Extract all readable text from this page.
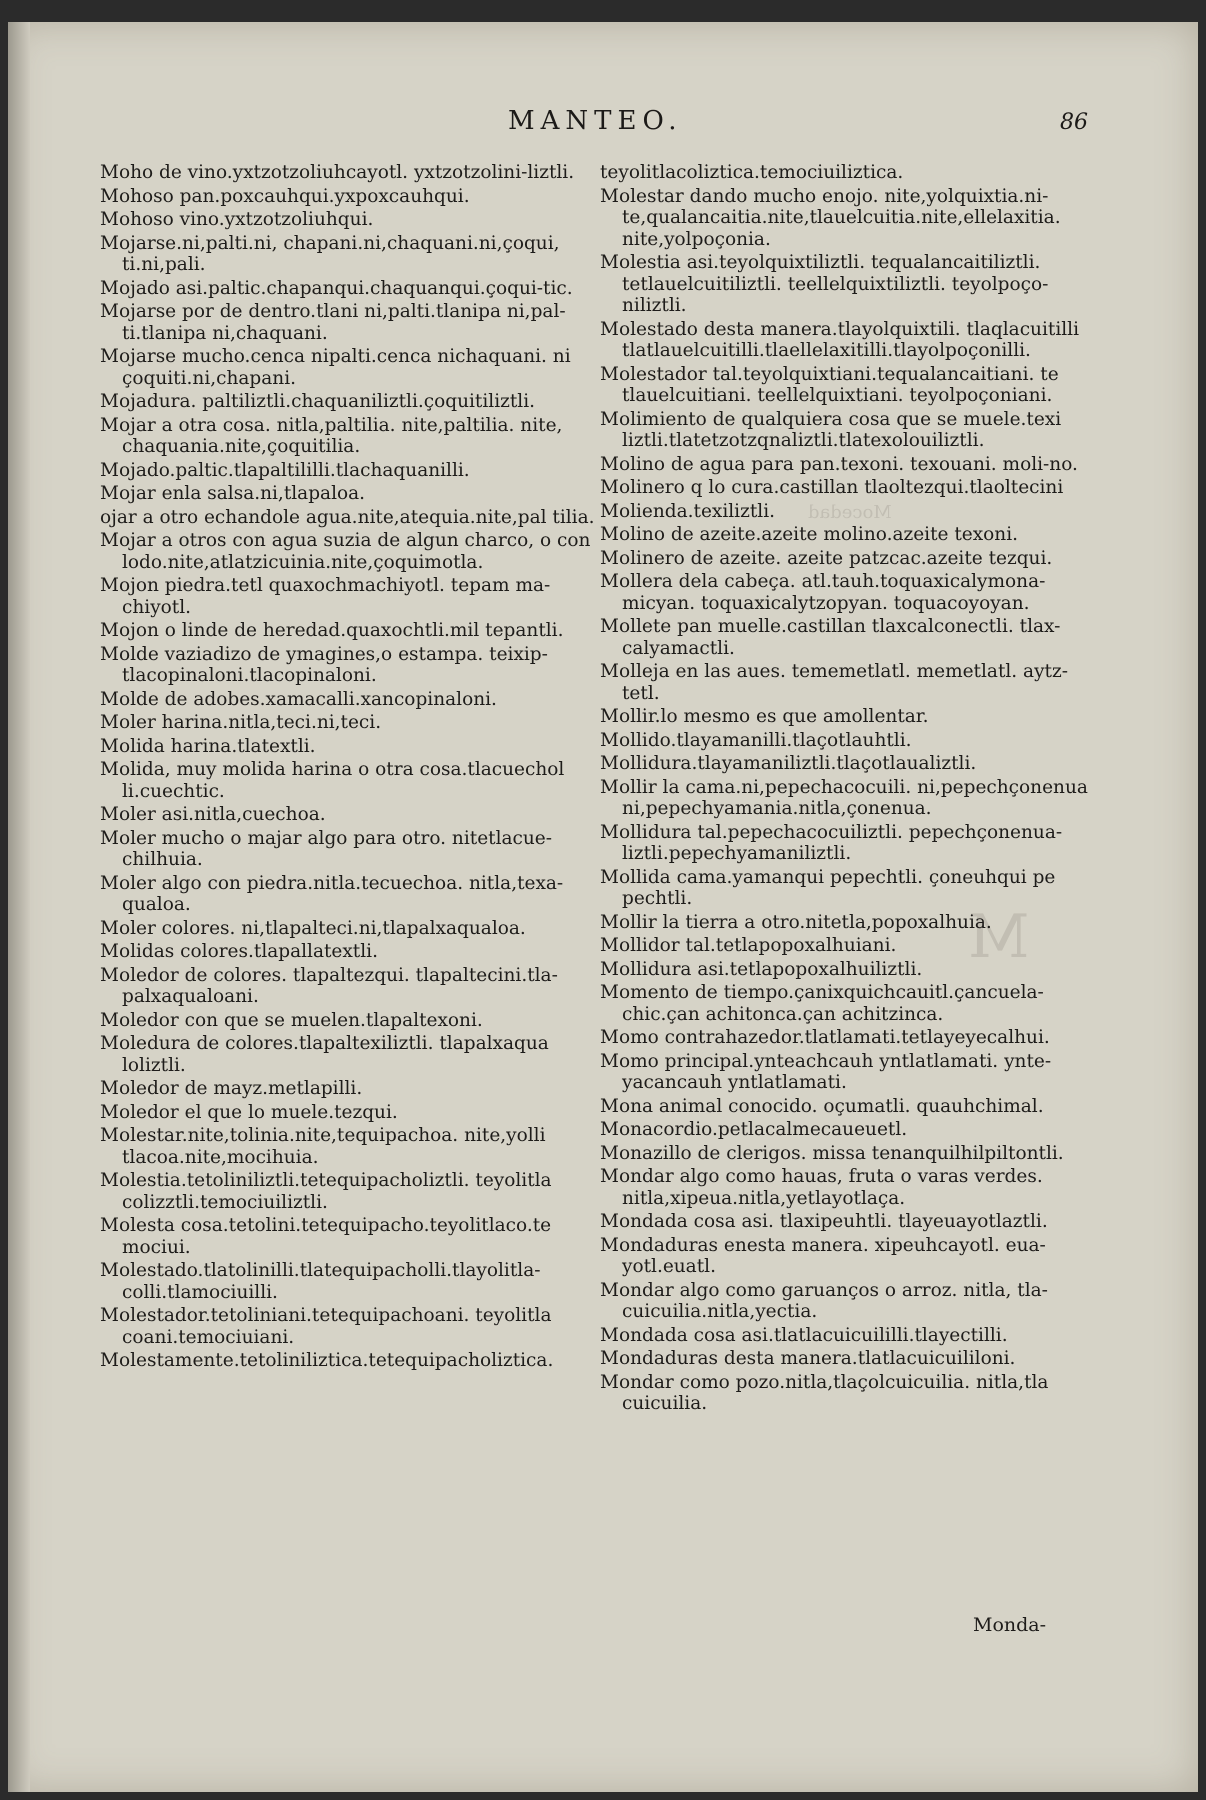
Mocedad
M
MANTEO.	86

Moho de vino.yxtzotzoliuhcayotl. yxtzotzolini-liztli.

Mohoso pan.poxcauhqui.yxpoxcauhqui.

Mohoso vino.yxtzotzoliuhqui.

Mojarse.ni,palti.ni, chapani.ni,chaquani.ni,çoqui, ti.ni,pali.

Mojado asi.paltic.chapanqui.chaquanqui.çoqui-tic.

Mojarse por de dentro.tlani ni,palti.tlanipa ni,pal-ti.tlanipa ni,chaquani.

Mojarse mucho.cenca nipalti.cenca nichaquani. ni çoquiti.ni,chapani.

Mojadura. paltiliztli.chaquaniliztli.çoquitiliztli.

Mojar a otra cosa. nitla,paltilia. nite,paltilia. nite, chaquania.nite,çoquitilia.

Mojado.paltic.tlapaltililli.tlachaquanilli.

Mojar enla salsa.ni,tlapaloa.

ojar a otro echandole agua.nite,atequia.nite,pal tilia.

Mojar a otros con agua suzia de algun charco, o con lodo.nite,atlatzicuinia.nite,çoquimotla.

Mojon piedra.tetl quaxochmachiyotl. tepam ma-chiyotl.

Mojon o linde de heredad.quaxochtli.mil tepantli.

Molde vaziadizo de ymagines,o estampa. teixip-tlacopinaloni.tlacopinaloni.

Molde de adobes.xamacalli.xancopinaloni.

Moler harina.nitla,teci.ni,teci.

Molida harina.tlatextli.

Molida, muy molida harina o otra cosa.tlacuechol li.cuechtic.

Moler asi.nitla,cuechoa.

Moler mucho o majar algo para otro. nitetlacue-chilhuia.

Moler algo con piedra.nitla.tecuechoa. nitla,texa-qualoa.

Moler colores. ni,tlapalteci.ni,tlapalxaqualoa.

Molidas colores.tlapallatextli.

Moledor de colores. tlapaltezqui. tlapaltecini.tla-palxaqualoani.

Moledor con que se muelen.tlapaltexoni.

Moledura de colores.tlapaltexiliztli. tlapalxaqua loliztli.

Moledor de mayz.metlapilli.

Moledor el que lo muele.tezqui.

Molestar.nite,tolinia.nite,tequipachoa. nite,yolli tlacoa.nite,mocihuia.

Molestia.tetoliniliztli.tetequipacholiztli. teyolitla colizztli.temociuiliztli.

Molesta cosa.tetolini.tetequipacho.teyolitlaco.te mociui.

Molestado.tlatolinilli.tlatequipacholli.tlayolitla-colli.tlamociuilli.

Molestador.tetoliniani.tetequipachoani. teyolitla coani.temociuiani.

Molestamente.tetoliniliztica.tetequipacholiztica.

teyolitlacoliztica.temociuiliztica.

Molestar dando mucho enojo. nite,yolquixtia.ni-te,qualancaitia.nite,tlauelcuitia.nite,ellelaxitia. nite,yolpoçonia.

Molestia asi.teyolquixtiliztli. tequalancaitiliztli. tetlauelcuitiliztli. teellelquixtiliztli. teyolpoço-niliztli.

Molestado desta manera.tlayolquixtili. tlaqlacuitilli tlatlauelcuitilli.tlaellelaxitilli.tlayolpoçonilli.

Molestador tal.teyolquixtiani.tequalancaitiani. te tlauelcuitiani. teellelquixtiani. teyolpoçoniani.

Molimiento de qualquiera cosa que se muele.texi liztli.tlatetzotzqnaliztli.tlatexolouiliztli.

Molino de agua para pan.texoni. texouani. moli-no.

Molinero q lo cura.castillan tlaoltezqui.tlaoltecini

Molienda.texiliztli.

Molino de azeite.azeite molino.azeite texoni.

Molinero de azeite. azeite patzcac.azeite tezqui.

Mollera dela cabeça. atl.tauh.toquaxicalymona-micyan. toquaxicalytzopyan. toquacoyoyan.

Mollete pan muelle.castillan tlaxcalconectli. tlax-calyamactli.

Molleja en las aues. tememetlatl. memetlatl. aytz-tetl.

Mollir.lo mesmo es que amollentar.

Mollido.tlayamanilli.tlaçotlauhtli.

Mollidura.tlayamaniliztli.tlaçotlaualiztli.

Mollir la cama.ni,pepechacocuili. ni,pepechçonenua ni,pepechyamania.nitla,çonenua.

Mollidura tal.pepechacocuiliztli. pepechçonenua-liztli.pepechyamaniliztli.

Mollida cama.yamanqui pepechtli. çoneuhqui pe pechtli.

Mollir la tierra a otro.nitetla,popoxalhuia.

Mollidor tal.tetlapopoxalhuiani.

Mollidura asi.tetlapopoxalhuiliztli.

Momento de tiempo.çanixquichcauitl.çancuela-chic.çan achitonca.çan achitzinca.

Momo contrahazedor.tlatlamati.tetlayeyecalhui.

Momo principal.ynteachcauh yntlatlamati. ynte-yacancauh yntlatlamati.

Mona animal conocido. oçumatli. quauhchimal.

Monacordio.petlacalmecaueuetl.

Monazillo de clerigos. missa tenanquilhilpiltontli.

Mondar algo como hauas, fruta o varas verdes. nitla,xipeua.nitla,yetlayotlaça.

Mondada cosa asi. tlaxipeuhtli. tlayeuayotlaztli.

Mondaduras enesta manera. xipeuhcayotl. eua-yotl.euatl.

Mondar algo como garuanços o arroz. nitla, tla-cuicuilia.nitla,yectia.

Mondada cosa asi.tlatlacuicuililli.tlayectilli.

Mondaduras desta manera.tlatlacuicuililoni.

Mondar como pozo.nitla,tlaçolcuicuilia. nitla,tla cuicuilia.

Monda-
